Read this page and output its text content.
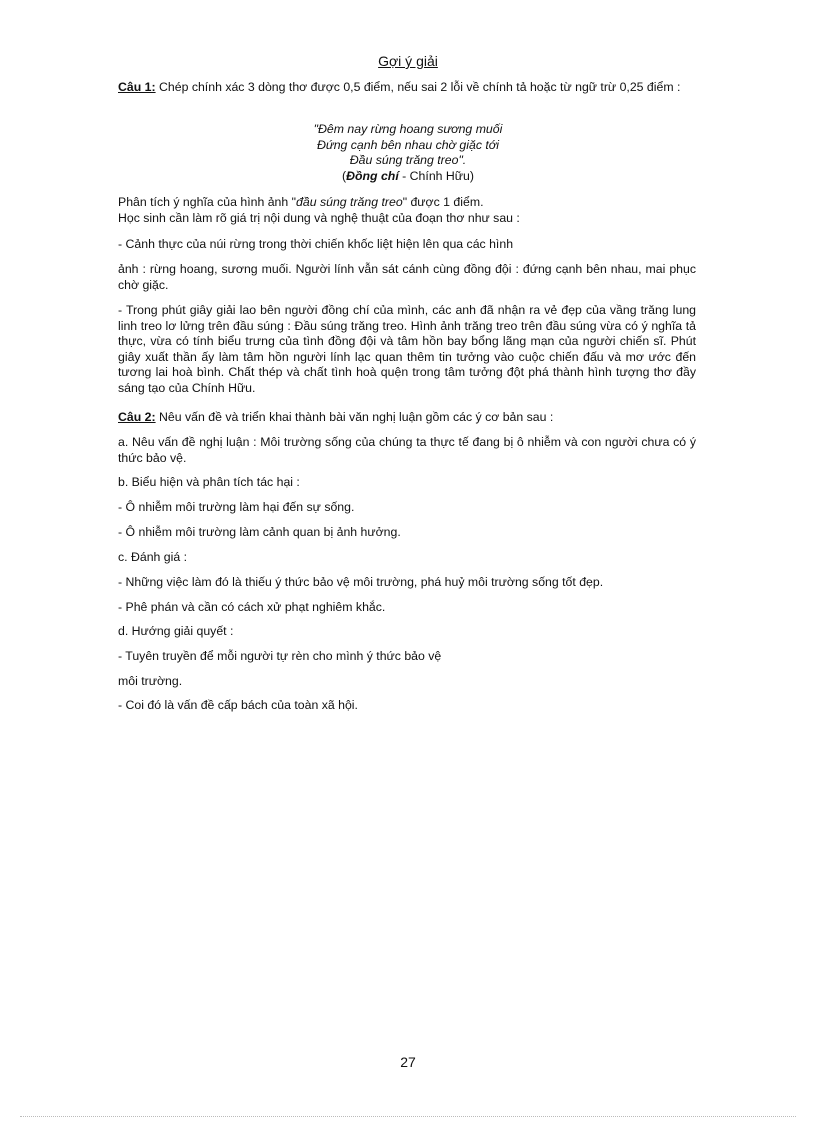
Gợi ý giải

Câu 1: Chép chính xác 3 dòng thơ được 0,5 điểm, nếu sai 2 lỗi về chính tả hoặc từ ngữ trừ 0,25 điểm :

"Đêm nay rừng hoang sương muối
Đứng cạnh bên nhau chờ giặc tới
Đầu súng trăng treo".
(Đồng chí - Chính Hữu)

Phân tích ý nghĩa của hình ảnh "đầu súng trăng treo" được 1 điểm.

Học sinh cần làm rõ giá trị nội dung và nghệ thuật của đoạn thơ như sau :

- Cảnh thực của núi rừng trong thời chiến khốc liệt hiện lên qua các hình

ảnh : rừng hoang, sương muối. Người lính vẫn sát cánh cùng đồng đội : đứng cạnh bên nhau, mai phục chờ giặc.

- Trong phút giây giải lao bên người đồng chí của mình, các anh đã nhận ra vẻ đẹp của vầng trăng lung linh treo lơ lửng trên đầu súng : Đầu súng trăng treo. Hình ảnh trăng treo trên đầu súng vừa có ý nghĩa tả thực, vừa có tính biểu trưng của tình đồng đội và tâm hồn bay bổng lãng mạn của người chiến sĩ. Phút giây xuất thần ấy làm tâm hồn người lính lạc quan thêm tin tưởng vào cuộc chiến đấu và mơ ước đến tương lai hoà bình. Chất thép và chất tình hoà quện trong tâm tưởng đột phá thành hình tượng thơ đầy sáng tạo của Chính Hữu.

Câu 2: Nêu vấn đề và triển khai thành bài văn nghị luận gồm các ý cơ bản sau :

a. Nêu vấn đề nghị luận : Môi trường sống của chúng ta thực tế đang bị ô nhiễm và con người chưa có ý thức bảo vệ.

b. Biểu hiện và phân tích tác hại :

- Ô nhiễm môi trường làm hại đến sự sống.

- Ô nhiễm môi trường làm cảnh quan bị ảnh hưởng.

c. Đánh giá :

- Những việc làm đó là thiếu ý thức bảo vệ môi trường, phá huỷ môi trường sống tốt đẹp.

- Phê phán và cần có cách xử phạt nghiêm khắc.

d. Hướng giải quyết :

- Tuyên truyền để mỗi người tự rèn cho mình ý thức bảo vệ

môi trường.

- Coi đó là vấn đề cấp bách của toàn xã hội.

27
